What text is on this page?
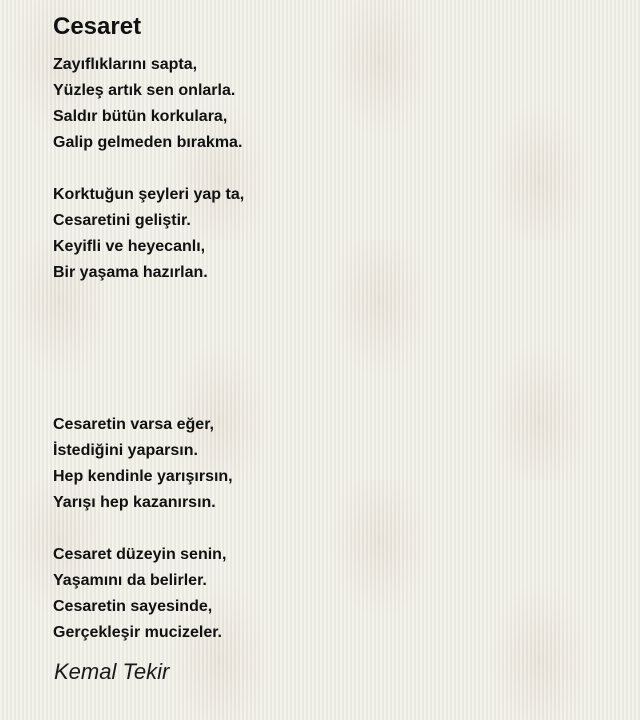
Cesaret
Zayıflıklarını sapta,
Yüzleş artık sen onlarla.
Saldır bütün korkulara,
Galip gelmeden bırakma.
Korktuğun şeyleri yap ta,
Cesaretini geliştir.
Keyifli ve heyecanlı,
Bir yaşama hazırlan.
Cesaretin varsa eğer,
İstediğini yaparsın.
Hep kendinle yarışırsın,
Yarışı hep kazanırsın.
Cesaret düzeyin senin,
Yaşamını da belirler.
Cesaretin sayesinde,
Gerçekleşir mucizeler.

Kemal Tekir
